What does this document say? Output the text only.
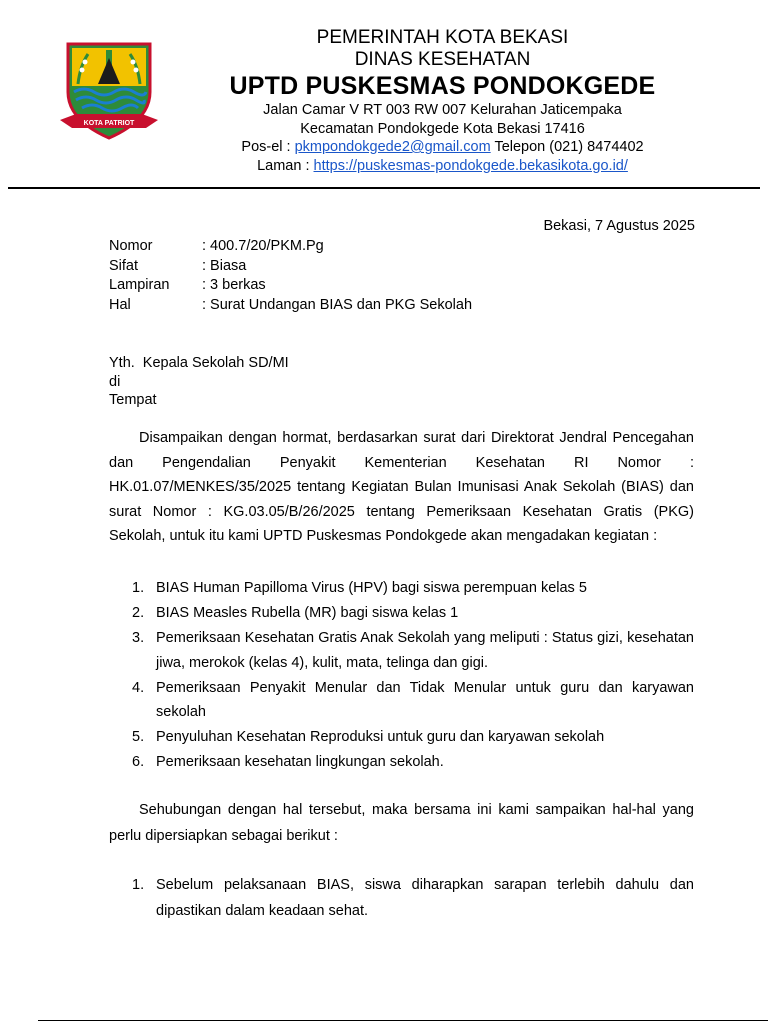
KOTA PATRIOT
PEMERINTAH KOTA BEKASI
DINAS KESEHATAN
UPTD PUSKESMAS PONDOKGEDE
Jalan Camar V RT 003 RW 007 Kelurahan Jaticempaka
Kecamatan Pondokgede Kota Bekasi 17416
Pos-el : pkmpondokgede2@gmail.com Telepon (021) 8474402
Laman : https://puskesmas-pondokgede.bekasikota.go.id/
Bekasi, 7 Agustus 2025
Nomor	: 400.7/20/PKM.Pg
Sifat	: Biasa
Lampiran	: 3 berkas
Hal	: Surat Undangan BIAS dan PKG Sekolah
Yth. Kepala Sekolah SD/MI
di
Tempat
Disampaikan dengan hormat, berdasarkan surat dari Direktorat Jendral Pencegahan dan Pengendalian Penyakit Kementerian Kesehatan RI Nomor : HK.01.07/MENKES/35/2025 tentang Kegiatan Bulan Imunisasi Anak Sekolah (BIAS) dan surat Nomor : KG.03.05/B/26/2025 tentang Pemeriksaan Kesehatan Gratis (PKG) Sekolah, untuk itu kami UPTD Puskesmas Pondokgede akan mengadakan kegiatan :
1. BIAS Human Papilloma Virus (HPV) bagi siswa perempuan kelas 5
2. BIAS Measles Rubella (MR) bagi siswa kelas 1
3. Pemeriksaan Kesehatan Gratis Anak Sekolah yang meliputi : Status gizi, kesehatan jiwa, merokok (kelas 4), kulit, mata, telinga dan gigi.
4. Pemeriksaan Penyakit Menular dan Tidak Menular untuk guru dan karyawan sekolah
5. Penyuluhan Kesehatan Reproduksi untuk guru dan karyawan sekolah
6. Pemeriksaan kesehatan lingkungan sekolah.
Sehubungan dengan hal tersebut, maka bersama ini kami sampaikan hal-hal yang perlu dipersiapkan sebagai berikut :
1. Sebelum pelaksanaan BIAS, siswa diharapkan sarapan terlebih dahulu dan dipastikan dalam keadaan sehat.
